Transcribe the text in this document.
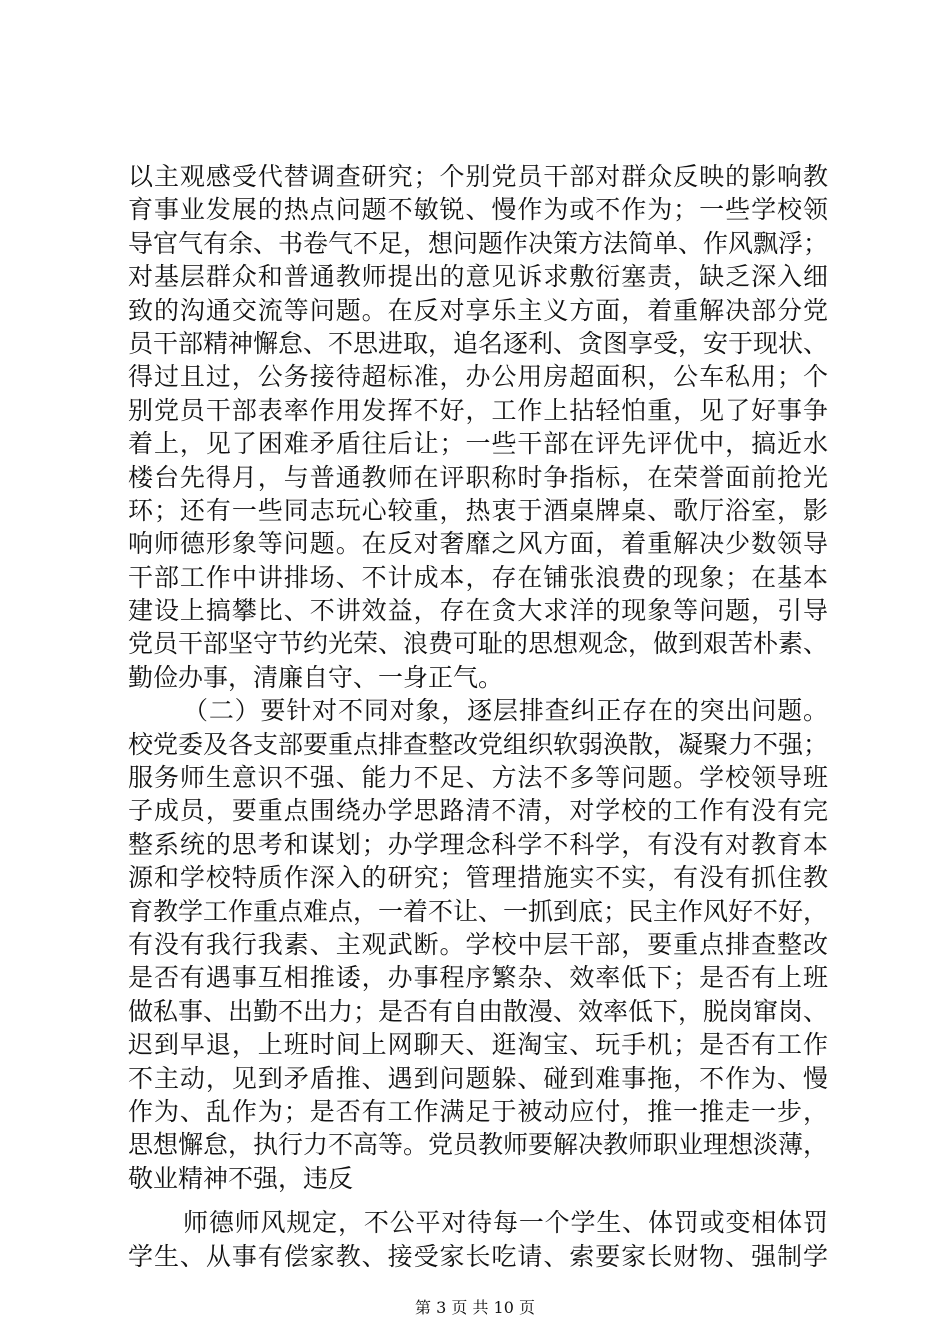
以主观感受代替调查研究；个别党员干部对群众反映的影响教
育事业发展的热点问题不敏锐、慢作为或不作为；一些学校领
导官气有余、书卷气不足，想问题作决策方法简单、作风飘浮；
对基层群众和普通教师提出的意见诉求敷衍塞责，缺乏深入细
致的沟通交流等问题。在反对享乐主义方面，着重解决部分党
员干部精神懈怠、不思进取，追名逐利、贪图享受，安于现状、
得过且过，公务接待超标准，办公用房超面积，公车私用；个
别党员干部表率作用发挥不好，工作上拈轻怕重，见了好事争
着上，见了困难矛盾往后让；一些干部在评先评优中，搞近水
楼台先得月，与普通教师在评职称时争指标，在荣誉面前抢光
环；还有一些同志玩心较重，热衷于酒桌牌桌、歌厅浴室，影
响师德形象等问题。在反对奢靡之风方面，着重解决少数领导
干部工作中讲排场、不计成本，存在铺张浪费的现象；在基本
建设上搞攀比、不讲效益，存在贪大求洋的现象等问题，引导
党员干部坚守节约光荣、浪费可耻的思想观念，做到艰苦朴素、
勤俭办事，清廉自守、一身正气。
（二）要针对不同对象，逐层排查纠正存在的突出问题。
校党委及各支部要重点排查整改党组织软弱涣散，凝聚力不强；
服务师生意识不强、能力不足、方法不多等问题。学校领导班
子成员，要重点围绕办学思路清不清，对学校的工作有没有完
整系统的思考和谋划；办学理念科学不科学，有没有对教育本
源和学校特质作深入的研究；管理措施实不实，有没有抓住教
育教学工作重点难点，一着不让、一抓到底；民主作风好不好，
有没有我行我素、主观武断。学校中层干部，要重点排查整改
是否有遇事互相推诿，办事程序繁杂、效率低下；是否有上班
做私事、出勤不出力；是否有自由散漫、效率低下，脱岗窜岗、
迟到早退，上班时间上网聊天、逛淘宝、玩手机；是否有工作
不主动，见到矛盾推、遇到问题躲、碰到难事拖，不作为、慢
作为、乱作为；是否有工作满足于被动应付，推一推走一步，
思想懈怠，执行力不高等。党员教师要解决教师职业理想淡薄，
敬业精神不强，违反
师德师风规定，不公平对待每一个学生、体罚或变相体罚
学生、从事有偿家教、接受家长吃请、索要家长财物、强制学
第 3 页 共 10 页
